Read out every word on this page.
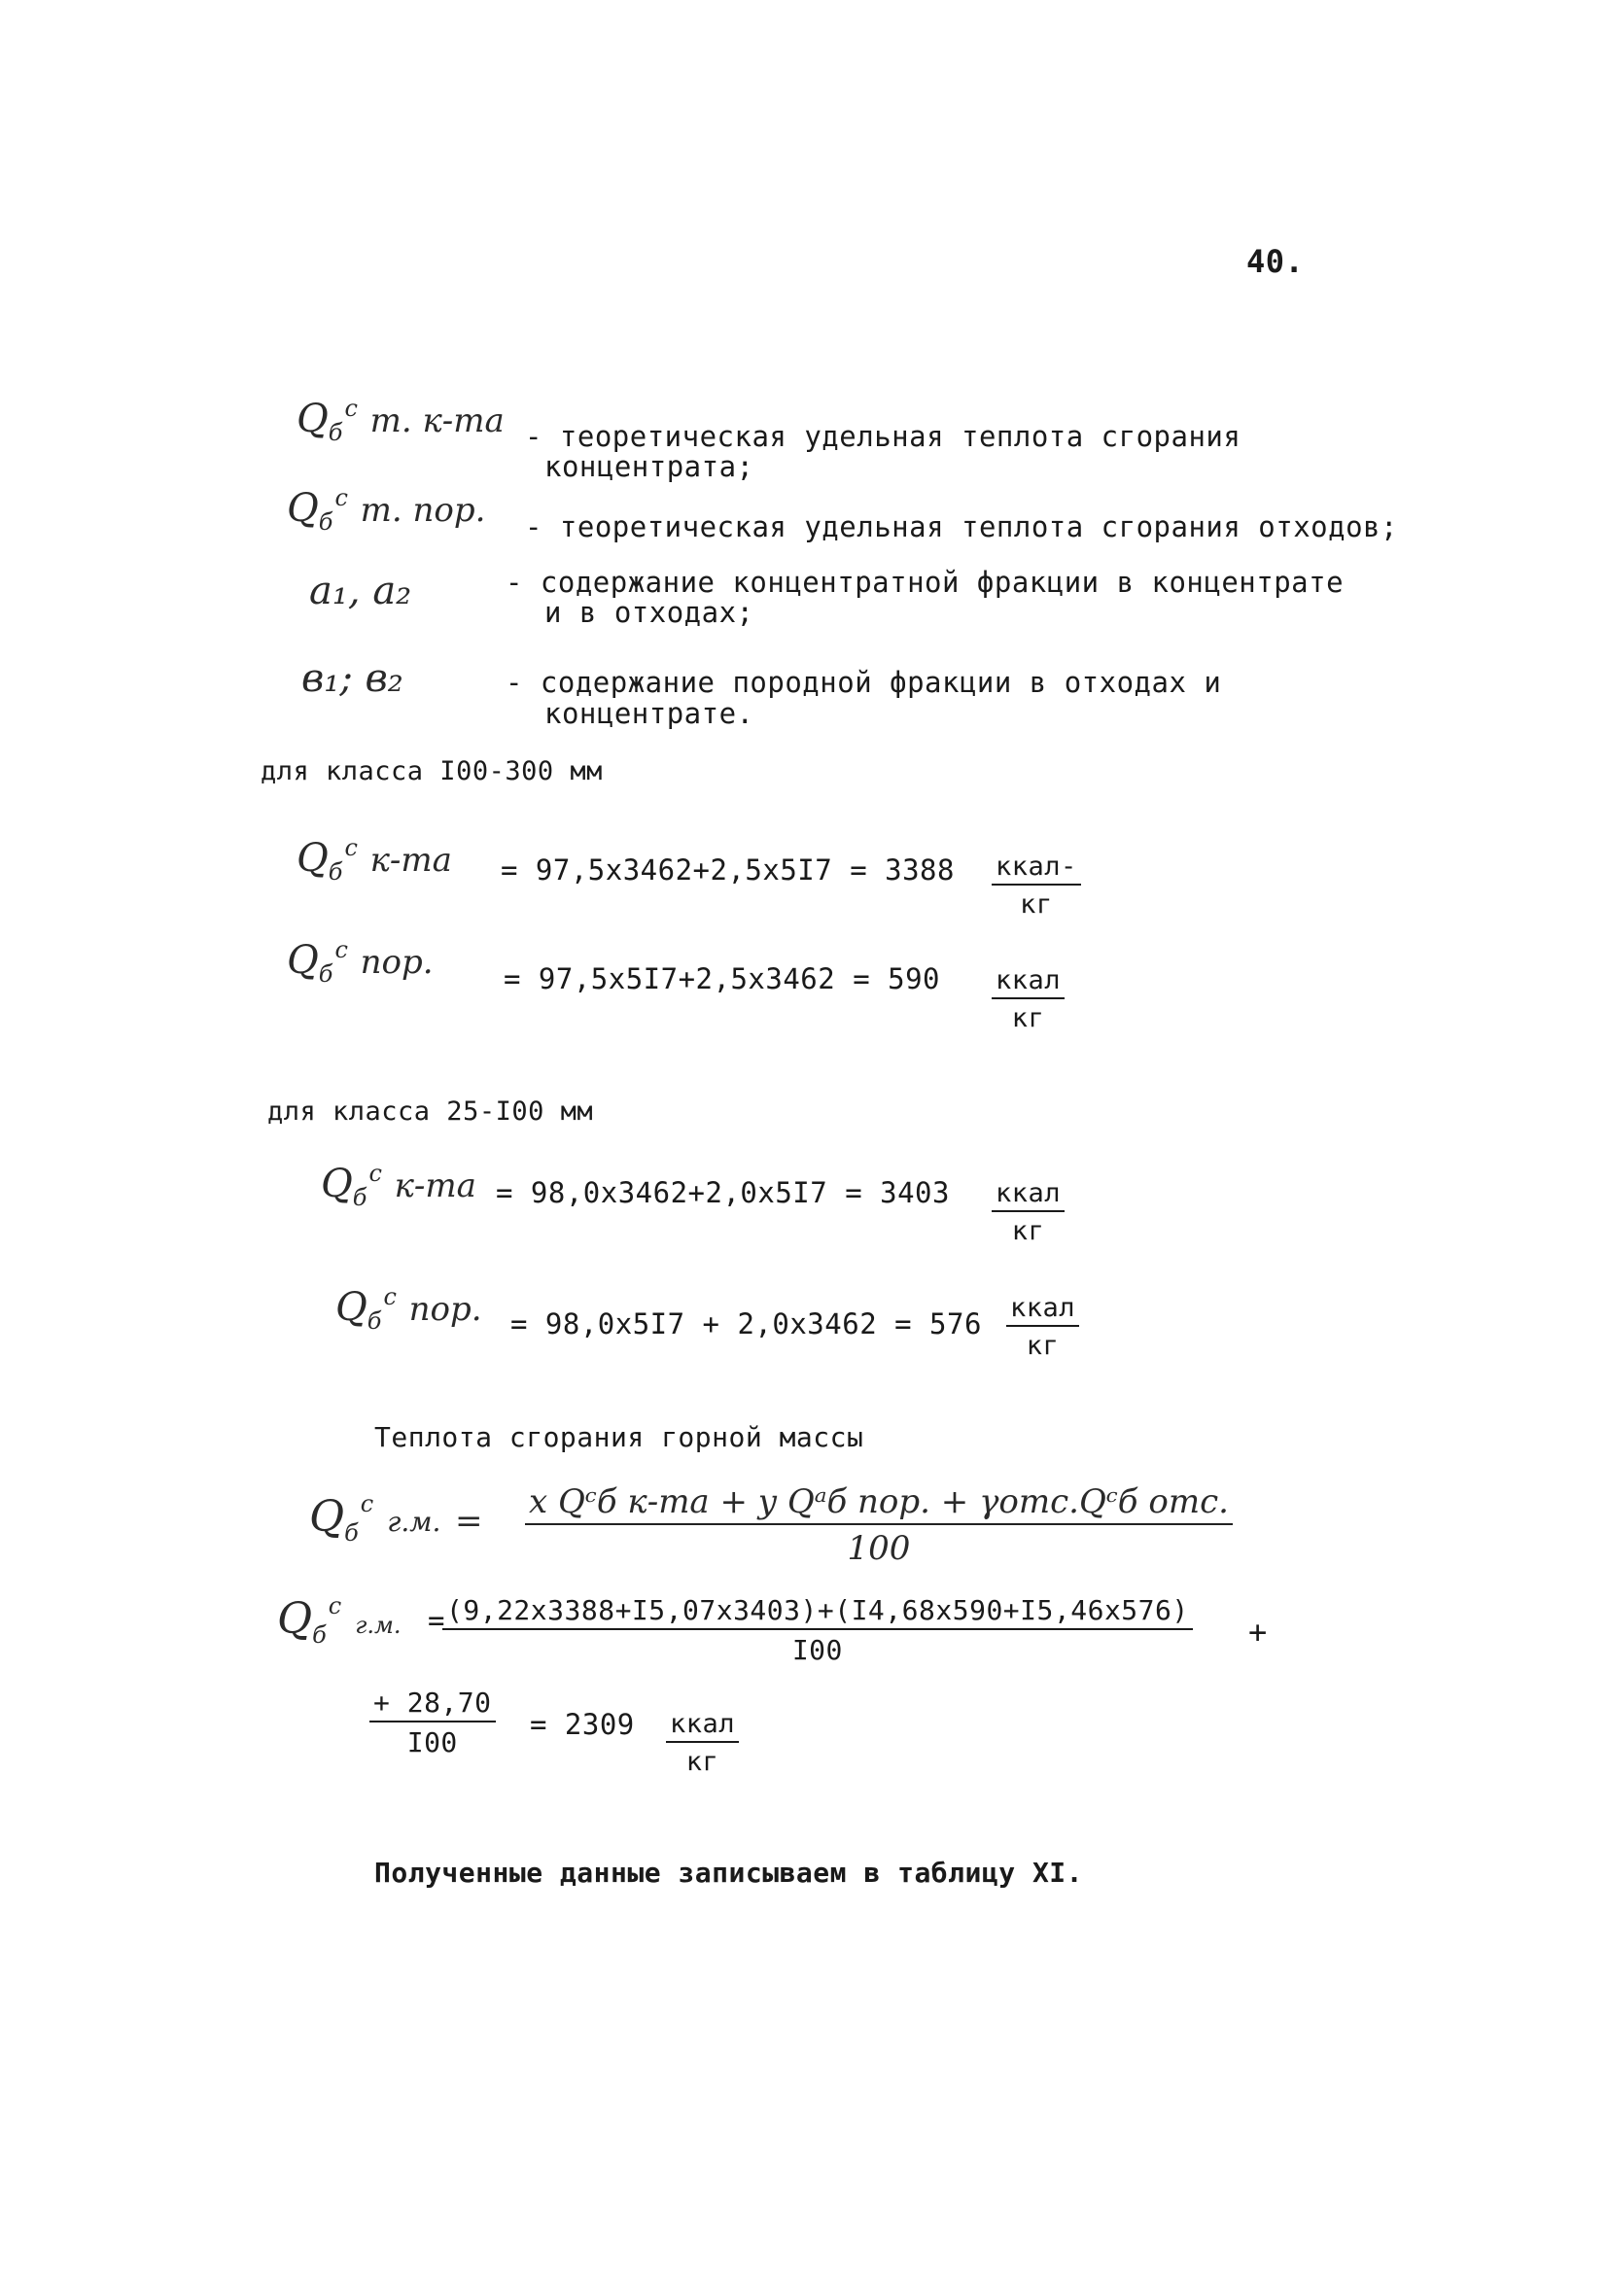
40.
$Q_бc$ т. к-та - теоретическая удельная теплота сгорания
концентрата;
$Q_бc$ т. пор. - теоретическая удельная теплота сгорания отходов;
a₁, a₂	- содержание концентратной фракции в концентрате
и в отходах;
в₁; в₂	- содержание породной фракции в отходах и
концентрате.
для класса I00-300 мм
$Q_бc$ к-та = 97,5x3462+2,5x5I7 = 3388 ккал-
кг
$Q_бc$ пор. = 97,5x5I7+2,5x3462 = 590 ккал
кг
для класса 25-I00 мм
$Q_бc$ к-та = 98,0x3462+2,0x5I7 = 3403 ккал
кг
$Q_бc$ пор. = 98,0x5I7 + 2,0x3462 = 576 ккал
кг
Теплота сгорания горной массы
$Q_бc$ г.м. = x Qᶜб к-та + y Qᵃб пор. + γотс.Qᶜб отс.
100
$Q_бc$ г.м. =
$\frac{(9,22x3388+I5,07x3403)+(I4,68x590+I5,46x576)}{I00}$ +
$\frac{+ 28,70}{I00} = 2309$ ккал
кг
Полученные данные записываем в таблицу XI.
